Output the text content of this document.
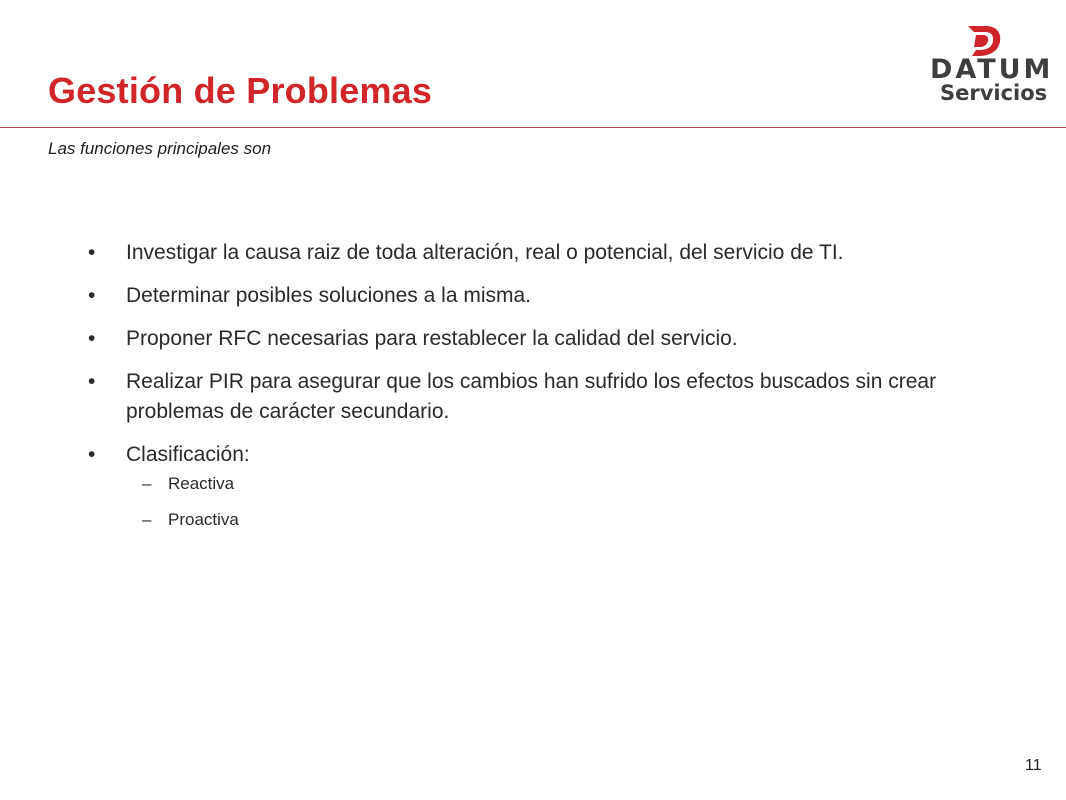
Gestión de Problemas
Las funciones principales son
DATUM
Servicios
•	Investigar la causa raiz de toda alteración, real o potencial, del servicio de TI.
•	Determinar posibles soluciones a la misma.
•	Proponer RFC necesarias para restablecer la calidad del servicio.
•	Realizar PIR para asegurar que los cambios han sufrido los efectos buscados sin crear problemas de carácter secundario.
•	Clasificación:
– Reactiva
– Proactiva
11
